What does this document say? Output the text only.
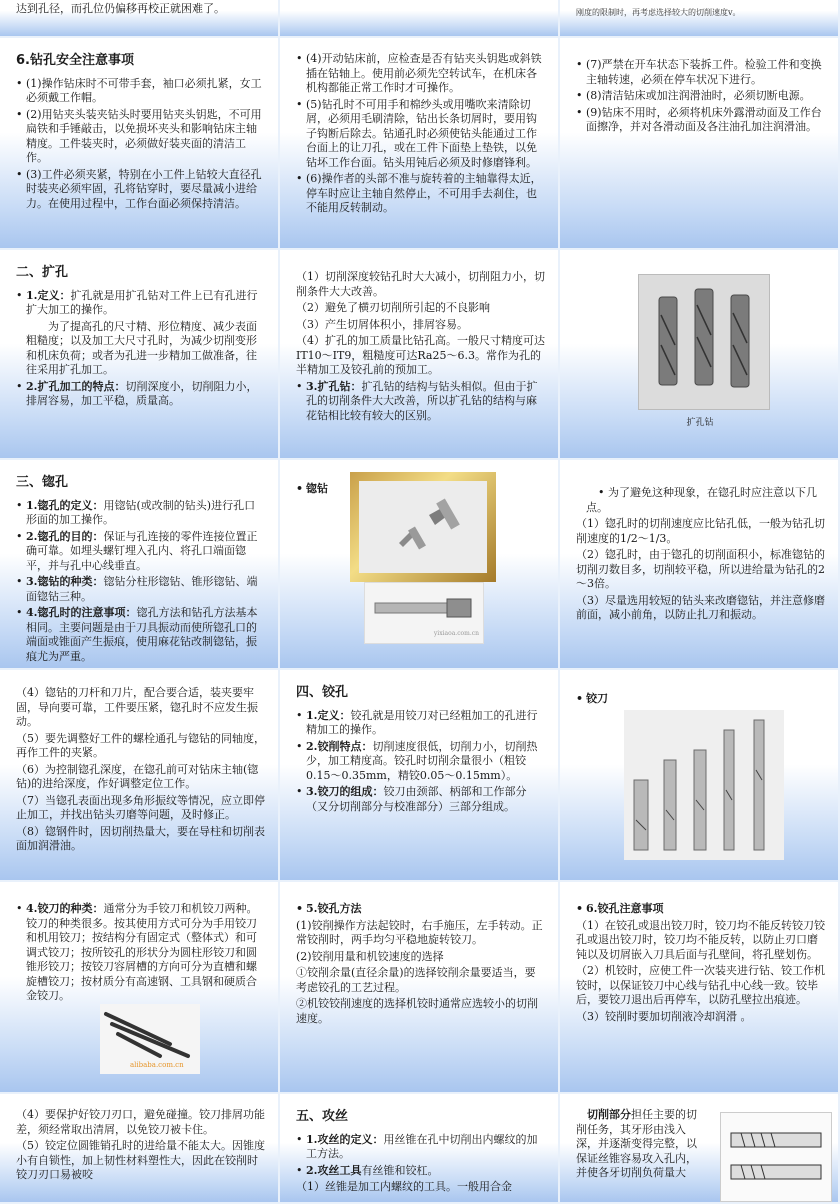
达到孔径，而孔位仍偏移再校正就困难了。	刚度的限制时，再考虑选择较大的切削速度v。
6.钻孔安全注意事项
• (1)操作钻床时不可带手套，袖口必须扎紧，女工必须戴工作帽。
• (2)用钻夹头装夹钻头时要用钻夹头钥匙，不可用扁铁和手锤敲击，以免损坏夹头和影响钻床主轴精度。工件装夹时，必须做好装夹面的清洁工作。
• (3)工件必须夹紧，特别在小工件上钻较大直径孔时装夹必须牢固，孔将钻穿时，要尽量减小进给力。在使用过程中，工作台面必须保持清洁。
• (4)开动钻床前，应检查是否有钻夹头钥匙或斜铁插在钻轴上。使用前必须先空转试车，在机床各机构都能正常工作时才可操作。
• (5)钻孔时不可用手和棉纱头或用嘴吹来清除切屑，必须用毛刷清除，钻出长条切屑时，要用钩子钩断后除去。钻通孔时必须使钻头能通过工作台面上的让刀孔，或在工件下面垫上垫铁，以免钻坏工作台面。钻头用钝后必须及时修磨锋利。
• (6)操作者的头部不准与旋转着的主轴靠得太近，停车时应让主轴自然停止，不可用手去刹住，也不能用反转制动。
• (7)严禁在开车状态下装拆工件。检验工件和变换主轴转速，必须在停车状况下进行。
• (8)清洁钻床或加注润滑油时，必须切断电源。
• (9)钻床不用时，必须将机床外露滑动面及工作台面擦净，并对各滑动面及各注油孔加注润滑油。
二、扩孔
• 1.定义：扩孔就是用扩孔钻对工件上已有孔进行扩大加工的操作。
为了提高孔的尺寸精、形位精度、减少表面粗糙度；以及加工大尺寸孔时，为减少切削变形和机床负荷；或者为孔进一步精加工做准备，往往采用扩孔加工。
• 2.扩孔加工的特点：切削深度小，切削阻力小，排屑容易，加工平稳，质量高。
（1）切削深度较钻孔时大大减小，切削阻力小，切削条件大大改善。
（2）避免了横刃切削所引起的不良影响
（3）产生切屑体积小，排屑容易。
（4）扩孔的加工质量比钻孔高。一般尺寸精度可达IT10～IT9，粗糙度可达Ra25～6.3。常作为孔的半精加工及铰孔前的预加工。
• 3.扩孔钻：扩孔钻的结构与钻头相似。但由于扩孔的切削条件大大改善，所以扩孔钻的结构与麻花钻相比较有较大的区别。
扩孔钻
三、锪孔
• 1.锪孔的定义：用锪钻(或改制的钻头)进行孔口形面的加工操作。
• 2.锪孔的目的：保证与孔连接的零件连接位置正确可靠。如埋头螺钉埋入孔内、将孔口端面锪平，并与孔中心线垂直。
• 3.锪钻的种类：锪钻分柱形锪钻、锥形锪钻、端面锪钻三种。
• 4.锪孔时的注意事项：锪孔方法和钻孔方法基本相同。主要问题是由于刀具振动而使所锪孔口的端面或锥面产生振痕，使用麻花钻改制锪钻，振痕尤为严重。
• 锪钻
yixiaoa.com.cn
• 为了避免这种现象，在锪孔时应注意以下几点。
（1）锪孔时的切削速度应比钻孔低，一般为钻孔切削速度的1/2～1/3。
（2）锪孔时，由于锪孔的切削面积小，标准锪钻的切削刃数目多，切削较平稳，所以进给量为钻孔的2～3倍。
（3）尽量选用较短的钻头来改磨锪钻，并注意修磨前面，减小前角，以防止扎刀和振动。
（4）锪钻的刀杆和刀片，配合要合适，装夹要牢固，导向要可靠，工件要压紧，锪孔时不应发生振动。
（5）要先调整好工件的螺栓通孔与锪钻的同轴度，再作工件的夹紧。
（6）为控制锪孔深度，在锪孔前可对钻床主轴(锪钻)的进给深度，作好调整定位工作。
（7）当锪孔表面出现多角形振纹等情况，应立即停止加工，并找出钻头刃磨等问题，及时修正。
（8）锪钢件时，因切削热量大，要在导柱和切削表面加润滑油。
四、铰孔
• 1.定义：铰孔就是用铰刀对已经粗加工的孔进行精加工的操作。
• 2.铰削特点：切削速度很低，切削力小，切削热少，加工精度高。铰孔时切削余量很小（粗铰0.15～0.35mm，精铰0.05～0.15mm）。
• 3.铰刀的组成：铰刀由颈部、柄部和工作部分（又分切削部分与校准部分）三部分组成。
• 铰刀
• 4.铰刀的种类：通常分为手铰刀和机铰刀两种。铰刀的种类很多。按其使用方式可分为手用铰刀和机用铰刀；按结构分有固定式（整体式）和可调式铰刀；按所铰孔的形状分为圆柱形铰刀和圆锥形铰刀；按铰刀容屑槽的方向可分为直槽和螺旋槽铰刀；按材质分有高速钢、工具钢和硬质合金铰刀。
alibaba.com.cn
• 5.铰孔方法
(1)铰削操作方法起铰时，右手施压，左手转动。正常铰削时，两手均匀平稳地旋转铰刀。
(2)铰削用量和机铰速度的选择
①铰削余量(直径余量)的选择铰削余量要适当，要考虑铰孔的工艺过程。
②机铰铰削速度的选择机铰时通常应选较小的切削速度。
• 6.铰孔注意事项
（1）在铰孔或退出铰刀时，铰刀均不能反转铰刀铰孔或退出铰刀时，铰刀均不能反转，以防止刃口磨钝以及切屑嵌入刀具后面与孔壁间，将孔壁划伤。
（2）机铰时，应使工件一次装夹进行钻、铰工作机铰时，以保证铰刀中心线与钻孔中心线一致。铰毕后，要铰刀退出后再停车，以防孔壁拉出痕迹。
（3）铰削时要加切削液冷却润滑 。
（4）要保护好铰刀刃口，避免碰撞。铰刀排屑功能差，须经常取出清屑，以免铰刀被卡住。
（5）铰定位圆锥销孔时的进给量不能太大。因锥度小有自锁性，加上韧性材料塑性大，因此在铰削时铰刀刃口易被咬
五、攻丝
• 1.攻丝的定义：用丝锥在孔中切削出内螺纹的加工方法。
• 2.攻丝工具有丝锥和铰杠。
（1）丝锥是加工内螺纹的工具。一般用合金
切削部分担任主要的切削任务，其牙形由浅入深，并逐渐变得完整，以保证丝锥容易攻入孔内，并使各牙切削负荷量大
